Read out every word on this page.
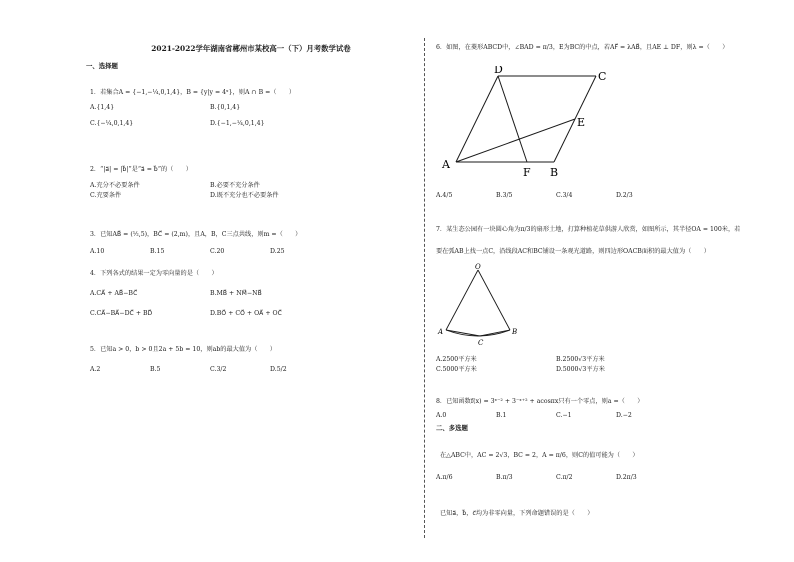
2021-2022学年湖南省郴州市某校高一（下）月考数学试卷
一、选择题
1．若集合A = {−1,−¼,0,1,4}，B = {y|y = 4ˣ}，则A ∩ B =（　　）
A.{1,4}	B.{0,1,4}
C.{−¼,0,1,4}	D.{−1,−¼,0,1,4}
2．“|a⃗| = |b⃗|”是“a⃗ = b⃗”的（　　）
A.充分不必要条件	B.必要不充分条件
C.充要条件	D.既不充分也不必要条件
3．已知AB⃗ = (½,5)，BC⃗ = (2,m)，且A，B，C三点共线，则m =（　　）
A.10	B.15	C.20	D.25
4．下列各式的结果一定为零向量的是（　　）
A.CA⃗ + AB⃗−BC⃗	B.MB⃗ + NM⃗−NB⃗
C.CA⃗−BA⃗−DC⃗ + BD⃗	D.BO⃗ + CO⃗ + OA⃗ + OC⃗
5．已知a > 0，b > 0且2a + 5b = 10，则ab的最大值为（　　）
A.2	B.5	C.3/2	D.5/2
6．如图，在菱形ABCD中，∠BAD = π/3，E为BC的中点，若AF⃗ = λAB⃗，且AE ⊥ DF，则λ =（　　）
D
C
E
A
F B
A.4/5	B.3/5	C.3/4	D.2/3
7．某生态公园有一块圆心角为π/3的扇形土地，打算种植花草供游人欣赏，如图所示，其半径OA = 100米，若
要在弧AB上找一点C，沿线段AC和BC铺设一条观光道路，则四边形OACB面积的最大值为（　　）
O
A
C
B
A.2500平方米	B.2500√3平方米
C.5000平方米	D.5000√3平方米
8．已知函数f(x) = 3ˣ⁻² + 3⁻ˣ⁺² + acosπx只有一个零点，则a =（　　）
A.0	B.1	C.−1	D.−2
二、多选题
在△ABC中，AC = 2√3，BC = 2，A = π/6，则C的值可能为（　　）
A.π/6	B.π/3	C.π/2	D.2π/3
已知a⃗，b⃗，c⃗均为非零向量，下列命题错误的是（　　）
